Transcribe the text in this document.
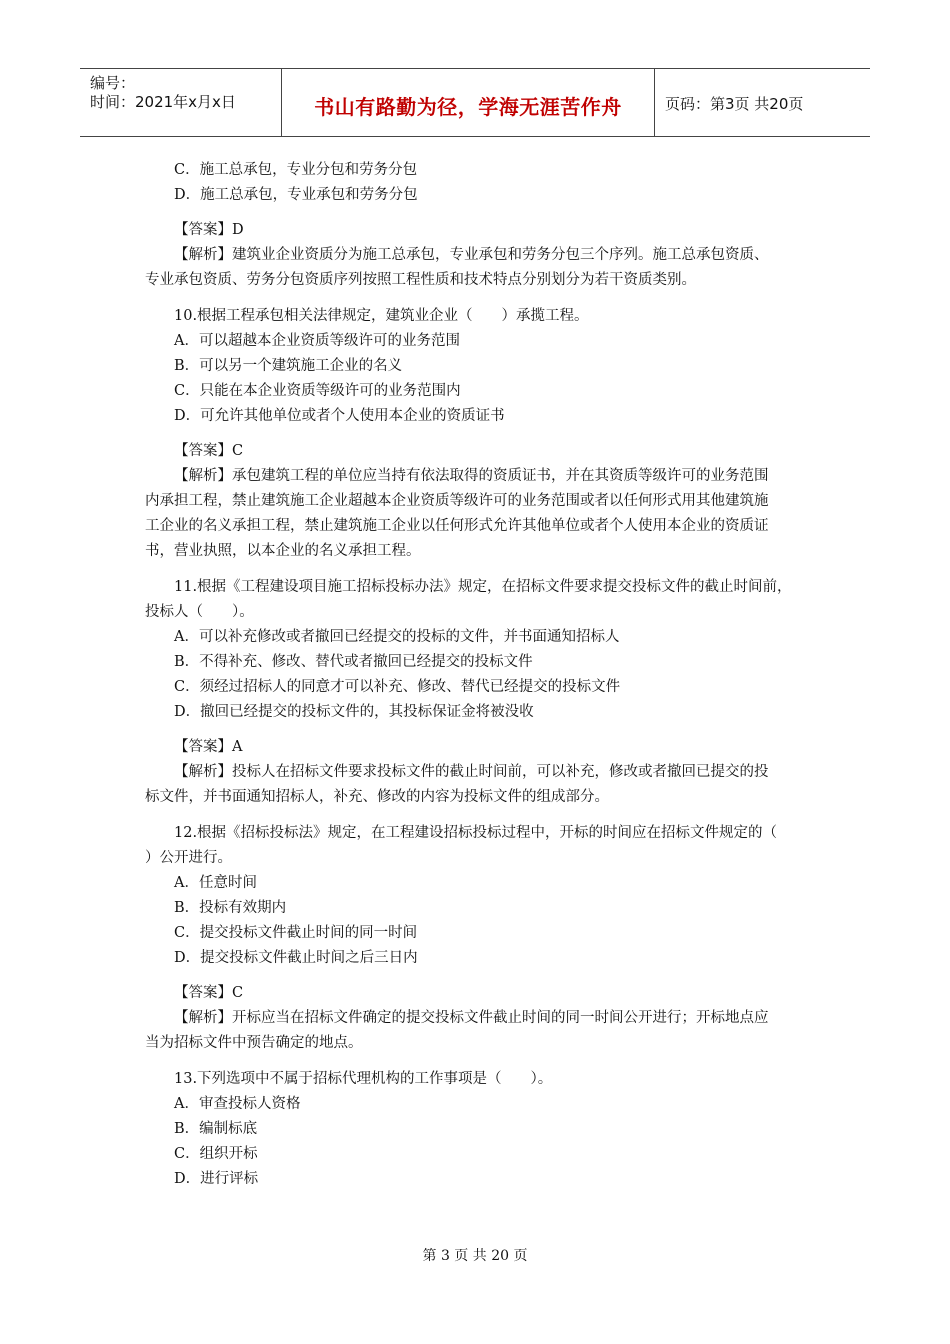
编号：
时间：2021年x月x日	书山有路勤为径，学海无涯苦作舟	页码：第3页 共20页
C．施工总承包，专业分包和劳务分包
D．施工总承包，专业承包和劳务分包
【答案】D
【解析】建筑业企业资质分为施工总承包，专业承包和劳务分包三个序列。施工总承包资质、
专业承包资质、劳务分包资质序列按照工程性质和技术特点分别划分为若干资质类别。
10.根据工程承包相关法律规定，建筑业企业（　　）承揽工程。
A．可以超越本企业资质等级许可的业务范围
B．可以另一个建筑施工企业的名义
C．只能在本企业资质等级许可的业务范围内
D．可允许其他单位或者个人使用本企业的资质证书
【答案】C
【解析】承包建筑工程的单位应当持有依法取得的资质证书，并在其资质等级许可的业务范围
内承担工程，禁止建筑施工企业超越本企业资质等级许可的业务范围或者以任何形式用其他建筑施
工企业的名义承担工程，禁止建筑施工企业以任何形式允许其他单位或者个人使用本企业的资质证
书，营业执照，以本企业的名义承担工程。
11.根据《工程建设项目施工招标投标办法》规定，在招标文件要求提交投标文件的截止时间前，
投标人（　　）。
A．可以补充修改或者撤回已经提交的投标的文件，并书面通知招标人
B．不得补充、修改、替代或者撤回已经提交的投标文件
C．须经过招标人的同意才可以补充、修改、替代已经提交的投标文件
D．撤回已经提交的投标文件的，其投标保证金将被没收
【答案】A
【解析】投标人在招标文件要求投标文件的截止时间前，可以补充，修改或者撤回已提交的投
标文件，并书面通知招标人，补充、修改的内容为投标文件的组成部分。
12.根据《招标投标法》规定，在工程建设招标投标过程中，开标的时间应在招标文件规定的（
）公开进行。
A．任意时间
B．投标有效期内
C．提交投标文件截止时间的同一时间
D．提交投标文件截止时间之后三日内
【答案】C
【解析】开标应当在招标文件确定的提交投标文件截止时间的同一时间公开进行；开标地点应
当为招标文件中预告确定的地点。
13.下列选项中不属于招标代理机构的工作事项是（　　）。
A．审查投标人资格
B．编制标底
C．组织开标
D．进行评标
第 3 页 共 20 页
